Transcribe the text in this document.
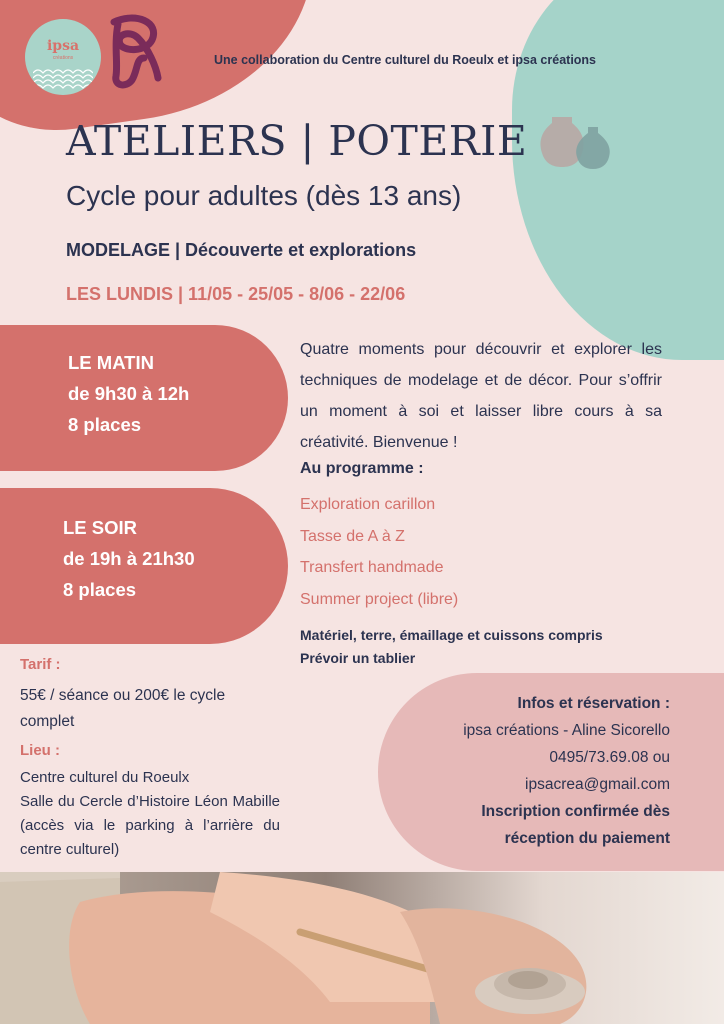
ipsa
créations	Une collaboration du Centre culturel du Roeulx et ipsa créations
ATELIERS | POTERIE
Cycle pour adultes (dès 13 ans)
MODELAGE | Découverte et explorations
LES LUNDIS | 11/05 - 25/05 - 8/06 - 22/06
LE MATIN
de 9h30 à 12h
8 places
LE SOIR
de 19h à 21h30
8 places
Quatre moments pour découvrir et explorer les techniques de modelage et de décor. Pour s’offrir un moment à soi et laisser libre cours à sa créativité. Bienvenue !
Au programme :
Exploration carillon
Tasse de A à Z
Transfert handmade
Summer project (libre)
Matériel, terre, émaillage et cuissons compris
Prévoir un tablier
Tarif :
55€ / séance ou 200€ le cycle complet
Lieu :
Centre culturel du Roeulx
Salle du Cercle d’Histoire Léon Mabille (accès via le parking à l’arrière du centre culturel)
Infos et réservation :
ipsa créations - Aline Sicorello
0495/73.69.08 ou
ipsacrea@gmail.com
Inscription confirmée dès
réception du paiement
